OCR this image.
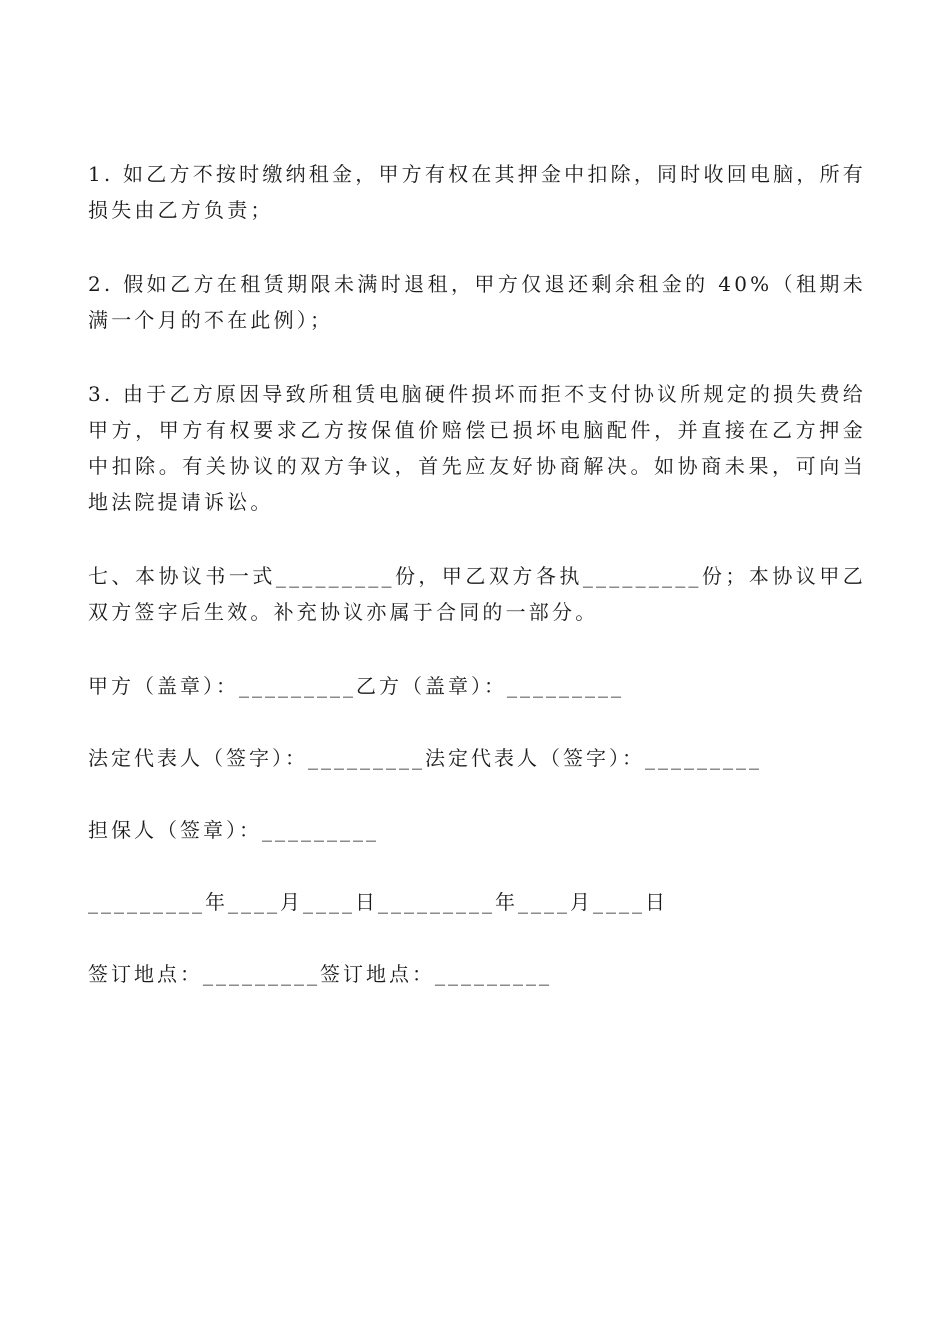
1. 如乙方不按时缴纳租金，甲方有权在其押金中扣除，同时收回电脑，所有损失由乙方负责；

2. 假如乙方在租赁期限未满时退租，甲方仅退还剩余租金的 40%（租期未满一个月的不在此例）；

3. 由于乙方原因导致所租赁电脑硬件损坏而拒不支付协议所规定的损失费给甲方，甲方有权要求乙方按保值价赔偿已损坏电脑配件，并直接在乙方押金中扣除。有关协议的双方争议，首先应友好协商解决。如协商未果，可向当地法院提请诉讼。

七、本协议书一式_________份，甲乙双方各执_________份；本协议甲乙双方签字后生效。补充协议亦属于合同的一部分。

甲方（盖章）：_________乙方（盖章）：_________

法定代表人（签字）：_________法定代表人（签字）：_________

担保人（签章）：_________

_________年____月____日_________年____月____日

签订地点：_________签订地点：_________
